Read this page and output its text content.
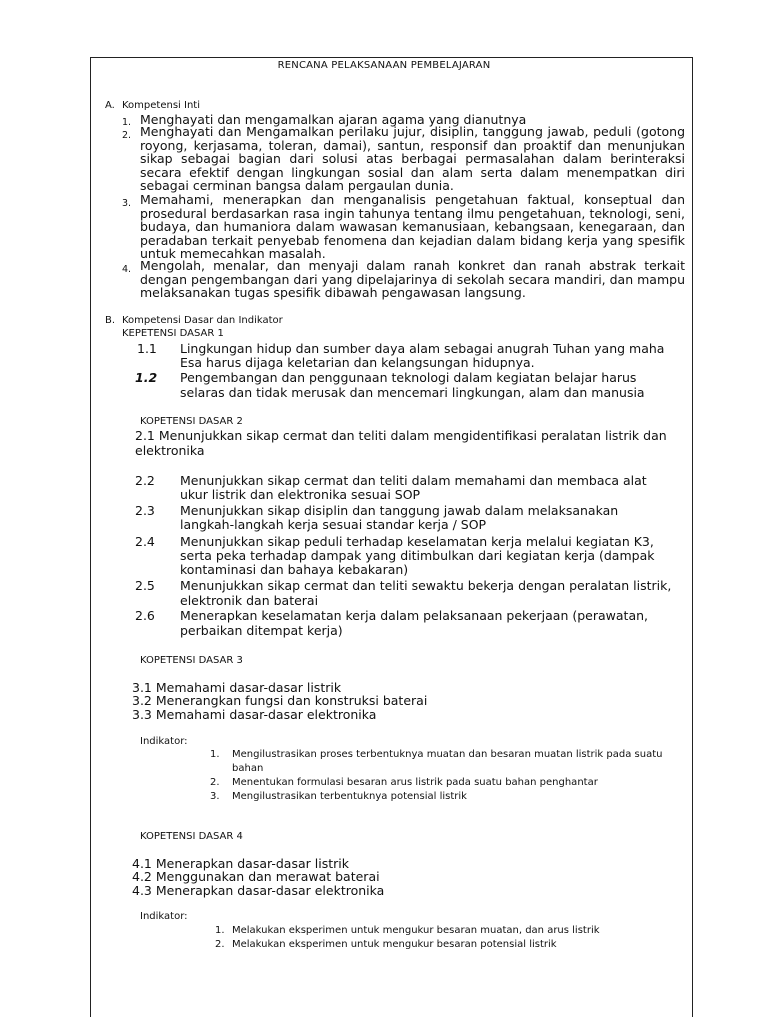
RENCANA PELAKSANAAN PEMBELAJARAN
A. Kompetensi Inti
1. Menghayati dan mengamalkan ajaran agama yang dianutnya
2. Menghayati dan Mengamalkan perilaku jujur, disiplin, tanggung jawab, peduli (gotong royong, kerjasama, toleran, damai), santun, responsif dan proaktif dan menunjukan sikap sebagai bagian dari solusi atas berbagai permasalahan dalam berinteraksi secara efektif dengan lingkungan sosial dan alam serta dalam menempatkan diri sebagai cerminan bangsa dalam pergaulan dunia.
3. Memahami, menerapkan dan menganalisis pengetahuan faktual, konseptual dan prosedural berdasarkan rasa ingin tahunya tentang ilmu pengetahuan, teknologi, seni, budaya, dan humaniora dalam wawasan kemanusiaan, kebangsaan, kenegaraan, dan peradaban terkait penyebab fenomena dan kejadian dalam bidang kerja yang spesifik untuk memecahkan masalah.
4. Mengolah, menalar, dan menyaji dalam ranah konkret dan ranah abstrak terkait dengan pengembangan dari yang dipelajarinya di sekolah secara mandiri, dan mampu melaksanakan tugas spesifik dibawah pengawasan langsung.
B. Kompetensi Dasar dan Indikator
KEPETENSI DASAR 1
1.1 Lingkungan hidup dan sumber daya alam sebagai anugrah Tuhan yang maha
Esa harus dijaga keletarian dan kelangsungan hidupnya.
1.2 Pengembangan dan penggunaan teknologi dalam kegiatan belajar harus
selaras dan tidak merusak dan mencemari lingkungan, alam dan manusia
KOPETENSI DASAR 2
2.1 Menunjukkan sikap cermat dan teliti dalam mengidentifikasi peralatan listrik dan
elektronika
2.2 Menunjukkan sikap cermat dan teliti dalam memahami dan membaca alat
ukur listrik dan elektronika sesuai SOP
2.3 Menunjukkan sikap disiplin dan tanggung jawab dalam melaksanakan
langkah-langkah kerja sesuai standar kerja / SOP
2.4 Menunjukkan sikap peduli terhadap keselamatan kerja melalui kegiatan K3,
serta peka terhadap dampak yang ditimbulkan dari kegiatan kerja (dampak
kontaminasi dan bahaya kebakaran)
2.5 Menunjukkan sikap cermat dan teliti sewaktu bekerja dengan peralatan listrik,
elektronik dan baterai
2.6 Menerapkan keselamatan kerja dalam pelaksanaan pekerjaan (perawatan,
perbaikan ditempat kerja)
KOPETENSI DASAR 3
3.1 Memahami dasar-dasar listrik
3.2 Menerangkan fungsi dan konstruksi baterai
3.3 Memahami dasar-dasar elektronika
Indikator:
1. Mengilustrasikan proses terbentuknya muatan dan besaran muatan listrik pada suatu
bahan
2. Menentukan formulasi besaran arus listrik pada suatu bahan penghantar
3. Mengilustrasikan terbentuknya potensial listrik
KOPETENSI DASAR 4
4.1 Menerapkan dasar-dasar listrik
4.2 Menggunakan dan merawat baterai
4.3 Menerapkan dasar-dasar elektronika
Indikator:
1. Melakukan eksperimen untuk mengukur besaran muatan, dan arus listrik
2. Melakukan eksperimen untuk mengukur besaran potensial listrik
